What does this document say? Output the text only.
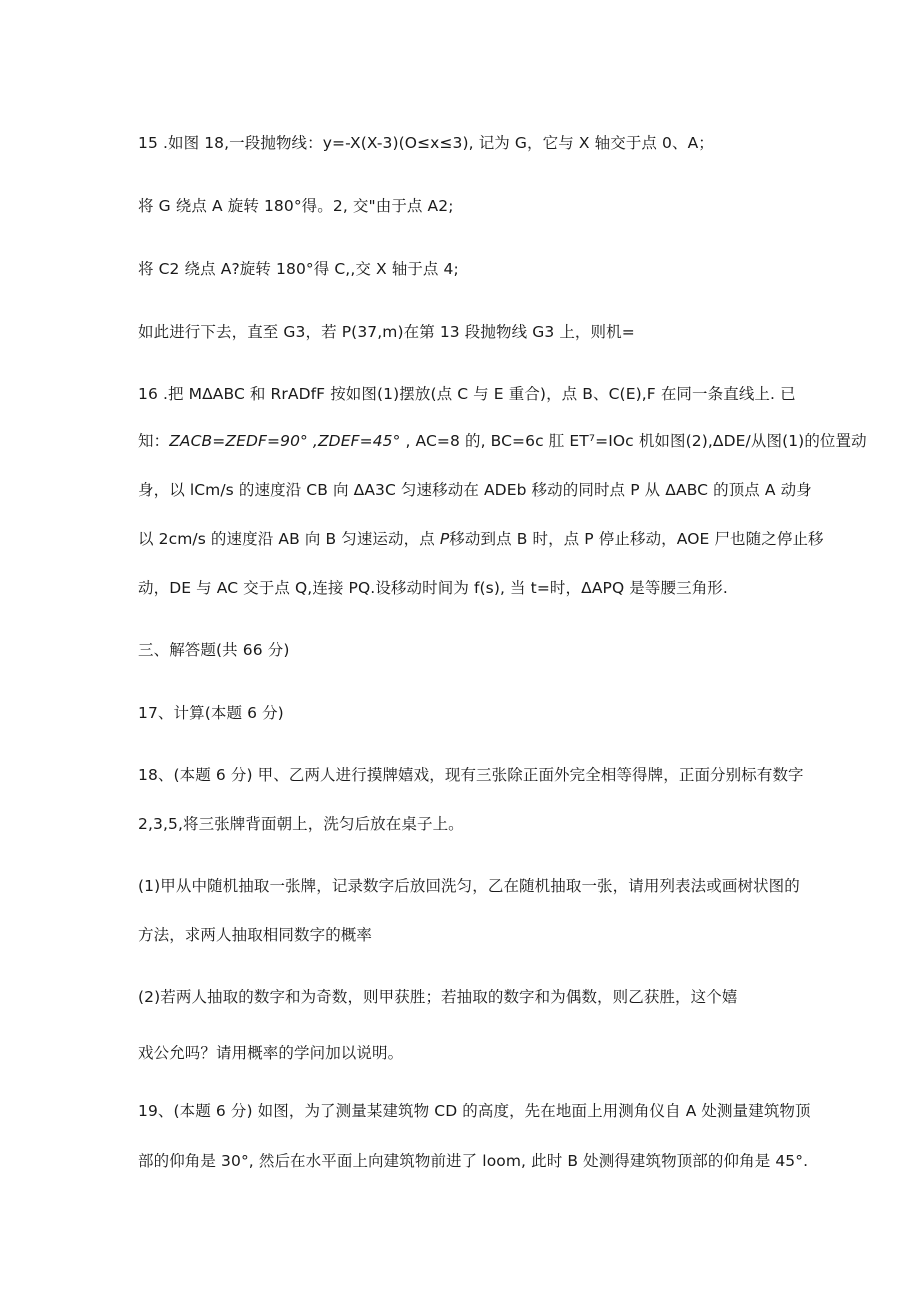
15 .如图 18,一段抛物线：y=-X(X-3)(O≤x≤3), 记为 G，它与 X 轴交于点 0、A；
将 G 绕点 A 旋转 180°得。2, 交"由于点 A2;
将 C2 绕点 A?旋转 180°得 C,,交 X 轴于点 4;
如此进行下去，直至 G3，若 P(37,m)在第 13 段抛物线 G3 上，则机=
16 .把 MΔABC 和 RrADfF 按如图(1)摆放(点 C 与 E 重合)，点 B、C(E),F 在同一条直线上. 已
知：ZACB=ZEDF=90° ,ZDEF=45° , AC=8 的, BC=6c 肛 ET⁷=IOc 机如图(2),ΔDE/从图(1)的位置动
身，以 lCm/s 的速度沿 CB 向 ΔA3C 匀速移动在 ADEb 移动的同时点 P 从 ΔABC 的顶点 A 动身
以 2cm/s 的速度沿 AB 向 B 匀速运动，点 P移动到点 B 时，点 P 停止移动，AOE 尸也随之停止移
动，DE 与 AC 交于点 Q,连接 PQ.设移动时间为 f(s), 当 t=时，ΔAPQ 是等腰三角形.
三、解答题(共 66 分)
17、计算(本题 6 分)
18、(本题 6 分) 甲、乙两人进行摸牌嬉戏，现有三张除正面外完全相等得牌，正面分别标有数字
2,3,5,将三张牌背面朝上，洗匀后放在桌子上。
(1)甲从中随机抽取一张牌，记录数字后放回洗匀，乙在随机抽取一张，请用列表法或画树状图的
方法，求两人抽取相同数字的概率
(2)若两人抽取的数字和为奇数，则甲获胜；若抽取的数字和为偶数，则乙获胜，这个嬉
戏公允吗？请用概率的学问加以说明。
19、(本题 6 分) 如图，为了测量某建筑物 CD 的高度，先在地面上用测角仪自 A 处测量建筑物顶
部的仰角是 30°, 然后在水平面上向建筑物前进了 loom, 此时 B 处测得建筑物顶部的仰角是 45°.
